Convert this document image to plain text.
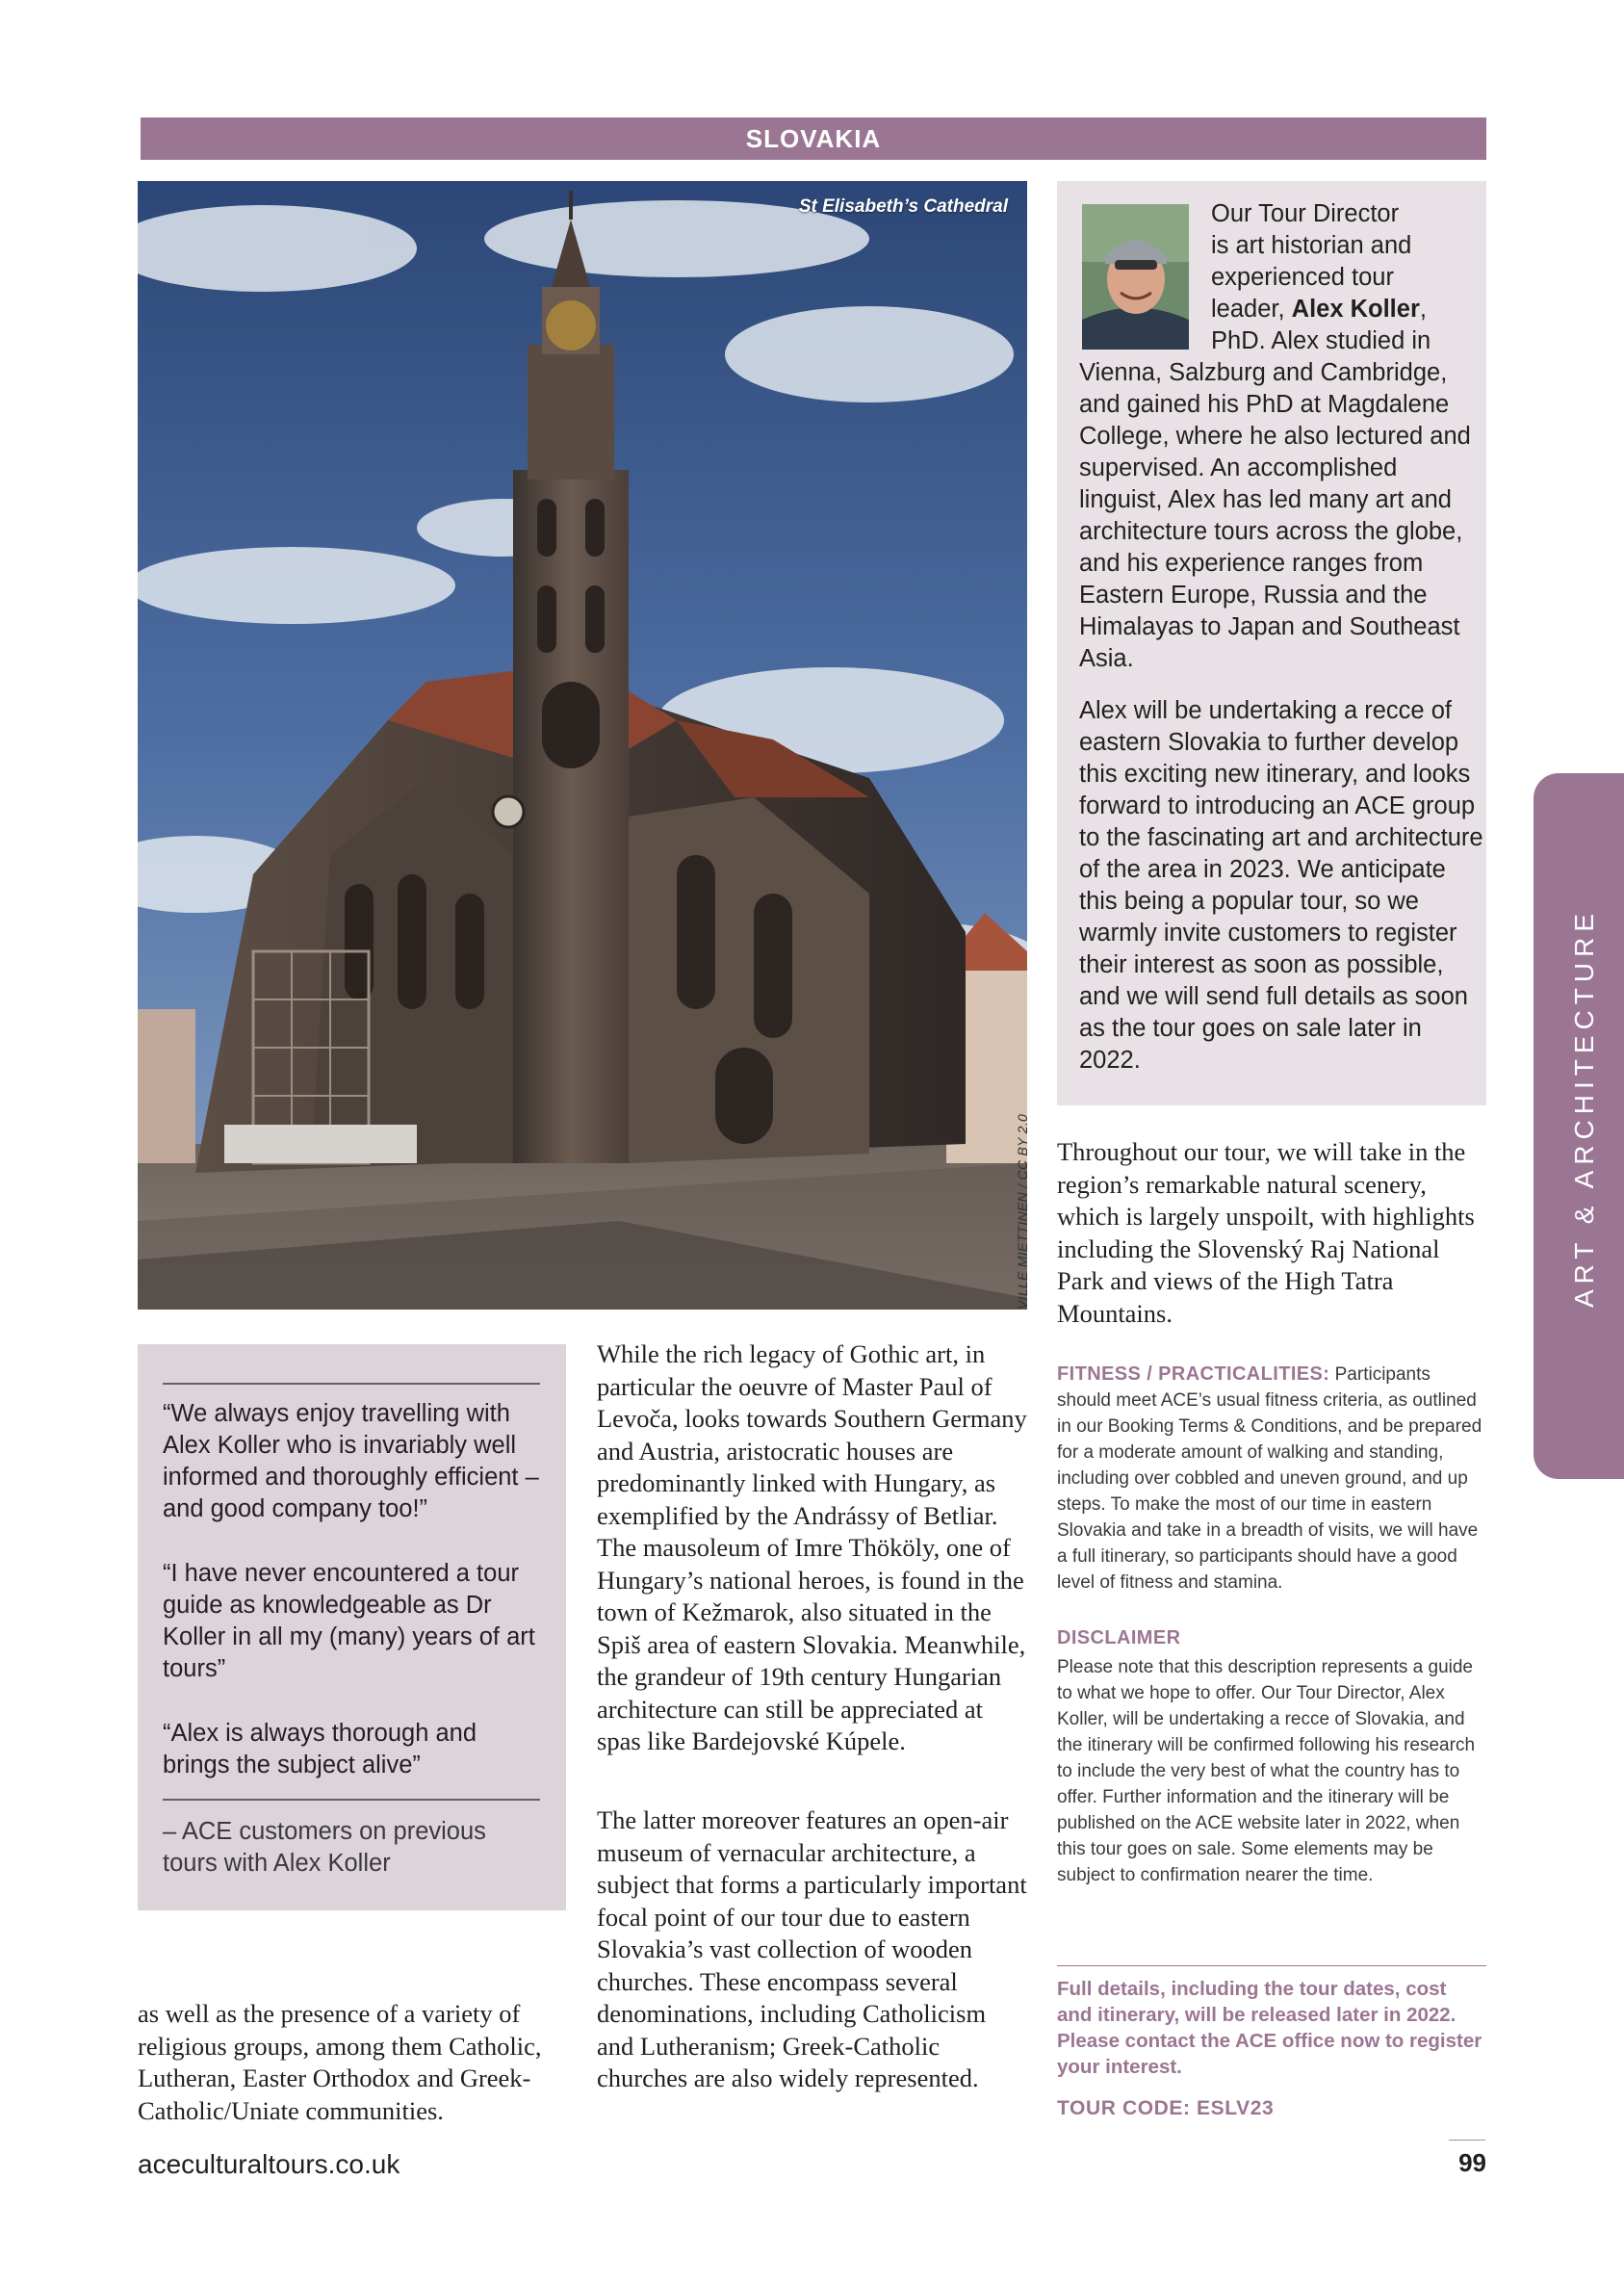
SLOVAKIA
St Elisabeth’s Cathedral
VILLE MIETTINEN / CC BY 2.0
Our Tour Director
is art historian and
experienced tour
leader, Alex Koller,
PhD. Alex studied in
Vienna, Salzburg and Cambridge, and gained his PhD at Magdalene College, where he also lectured and supervised. An accomplished linguist, Alex has led many art and architecture tours across the globe, and his experience ranges from Eastern Europe, Russia and the Himalayas to Japan and Southeast Asia.
Alex will be undertaking a recce of eastern Slovakia to further develop this exciting new itinerary, and looks forward to introducing an ACE group to the fascinating art and architecture of the area in 2023. We anticipate this being a popular tour, so we warmly invite customers to register their interest as soon as possible, and we will send full details as soon as the tour goes on sale later in 2022.
Throughout our tour, we will take in the region’s remarkable natural scenery, which is largely unspoilt, with highlights including the Slovenský Raj National Park and views of the High Tatra Mountains.
“We always enjoy travelling with Alex Koller who is invariably well informed and thoroughly efficient – and good company too!”
“I have never encountered a tour guide as knowledgeable as Dr Koller in all my (many) years of art tours”
“Alex is always thorough and brings the subject alive”
– ACE customers on previous tours with Alex Koller
as well as the presence of a variety of religious groups, among them Catholic, Lutheran, Easter Orthodox and Greek-Catholic/Uniate communities.
While the rich legacy of Gothic art, in particular the oeuvre of Master Paul of Levoča, looks towards Southern Germany and Austria, aristocratic houses are predominantly linked with Hungary, as exemplified by the Andrássy of Betliar. The mausoleum of Imre Thököly, one of Hungary’s national heroes, is found in the town of Kežmarok, also situated in the Spiš area of eastern Slovakia. Meanwhile, the grandeur of 19th century Hungarian architecture can still be appreciated at spas like Bardejovské Kúpele.
The latter moreover features an open-air museum of vernacular architecture, a subject that forms a particularly important focal point of our tour due to eastern Slovakia’s vast collection of wooden churches. These encompass several denominations, including Catholicism and Lutheranism; Greek-Catholic churches are also widely represented.
FITNESS / PRACTICALITIES: Participants should meet ACE’s usual fitness criteria, as outlined in our Booking Terms & Conditions, and be prepared for a moderate amount of walking and standing, including over cobbled and uneven ground, and up steps. To make the most of our time in eastern Slovakia and take in a breadth of visits, we will have a full itinerary, so participants should have a good level of fitness and stamina.
DISCLAIMER
Please note that this description represents a guide to what we hope to offer. Our Tour Director, Alex Koller, will be undertaking a recce of Slovakia, and the itinerary will be confirmed following his research to include the very best of what the country has to offer. Further information and the itinerary will be published on the ACE website later in 2022, when this tour goes on sale. Some elements may be subject to confirmation nearer the time.
Full details, including the tour dates, cost and itinerary, will be released later in 2022. Please contact the ACE office now to register your interest.
TOUR CODE: ESLV23
aceculturaltours.co.uk	99
ART & ARCHITECTURE
